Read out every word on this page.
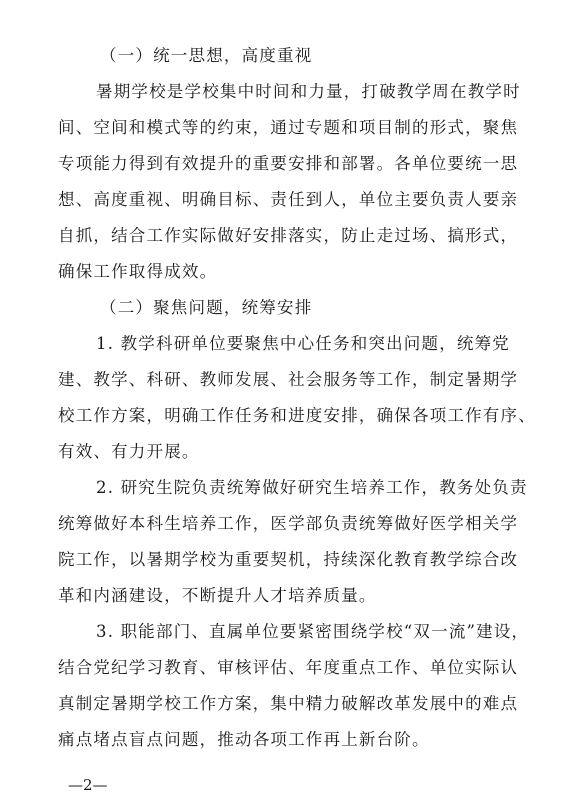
（一）统一思想，高度重视
暑期学校是学校集中时间和力量，打破教学周在教学时
间、空间和模式等的约束，通过专题和项目制的形式，聚焦
专项能力得到有效提升的重要安排和部署。各单位要统一思
想、高度重视、明确目标、责任到人，单位主要负责人要亲
自抓，结合工作实际做好安排落实，防止走过场、搞形式，
确保工作取得成效。
（二）聚焦问题，统筹安排
1. 教学科研单位要聚焦中心任务和突出问题，统筹党
建、教学、科研、教师发展、社会服务等工作，制定暑期学
校工作方案，明确工作任务和进度安排，确保各项工作有序、
有效、有力开展。
2. 研究生院负责统筹做好研究生培养工作，教务处负责
统筹做好本科生培养工作，医学部负责统筹做好医学相关学
院工作，以暑期学校为重要契机，持续深化教育教学综合改
革和内涵建设，不断提升人才培养质量。
3. 职能部门、直属单位要紧密围绕学校“双一流”建设，
结合党纪学习教育、审核评估、年度重点工作、单位实际认
真制定暑期学校工作方案，集中精力破解改革发展中的难点
痛点堵点盲点问题，推动各项工作再上新台阶。
—2—
